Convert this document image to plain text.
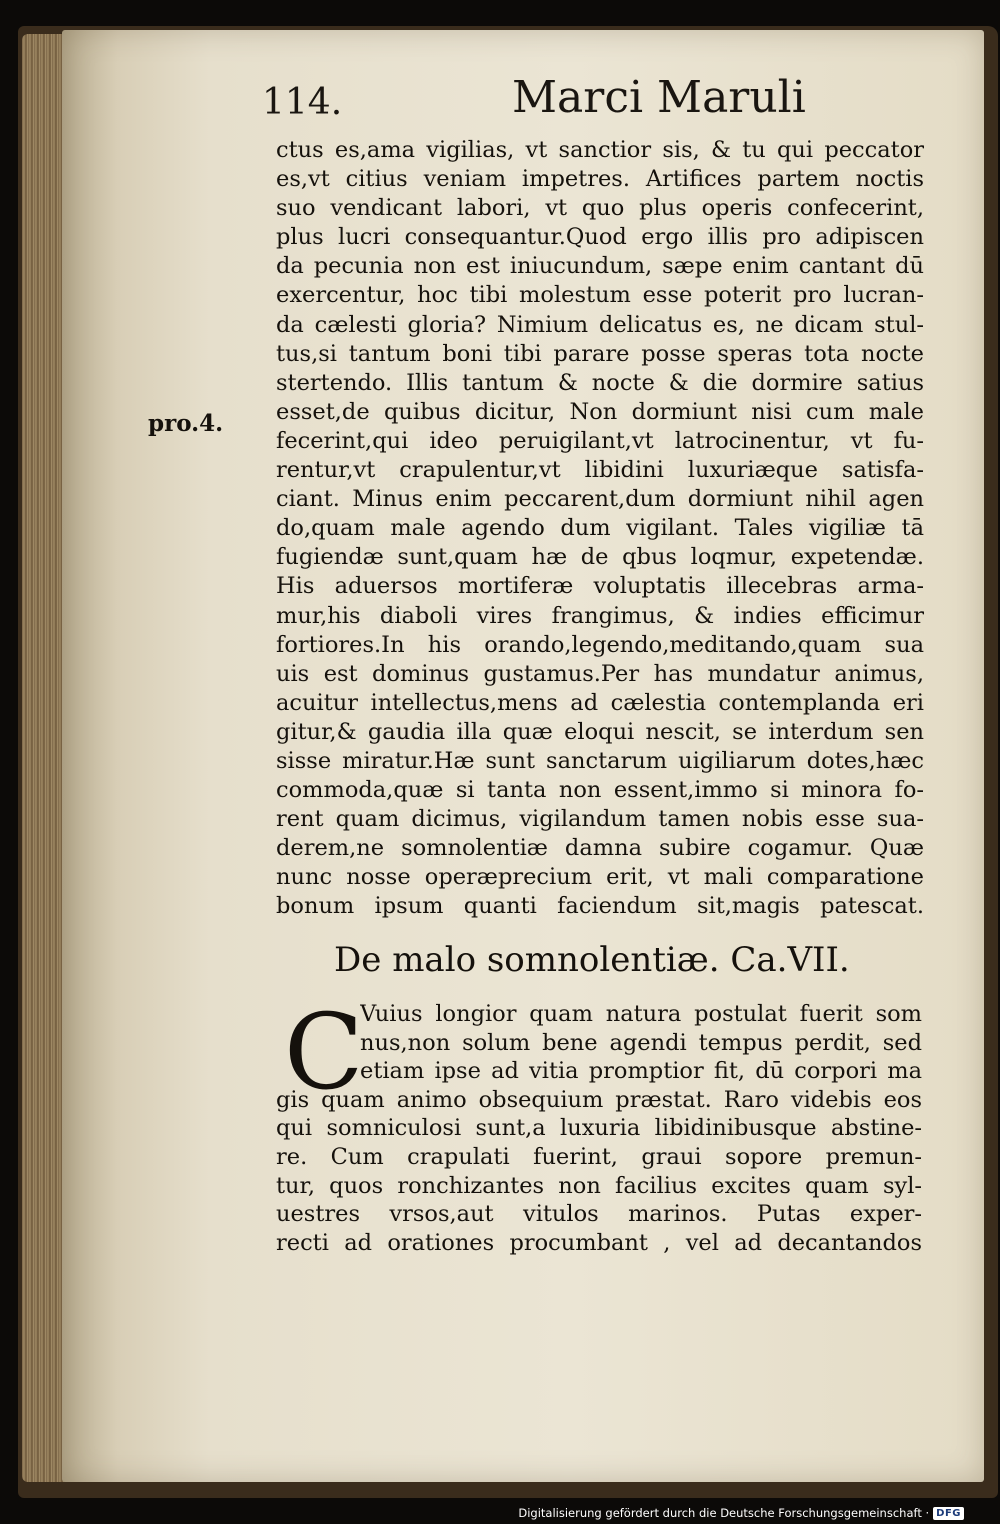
114.	Marci Maruli
pro.4.
ctus es,ama vigilias, vt sanctior sis, & tu qui peccator
es,vt citius veniam impetres. Artifices partem noctis
suo vendicant labori, vt quo plus operis confecerint,
plus lucri consequantur.Quod ergo illis pro adipiscen
da pecunia non est iniucundum, sæpe enim cantant dū
exercentur, hoc tibi molestum esse poterit pro lucran-
da cælesti gloria? Nimium delicatus es, ne dicam stul-
tus,si tantum boni tibi parare posse speras tota nocte
stertendo. Illis tantum & nocte & die dormire satius
esset,de quibus dicitur, Non dormiunt nisi cum male
fecerint,qui ideo peruigilant,vt latrocinentur, vt fu-
rentur,vt crapulentur,vt libidini luxuriæque satisfa-
ciant. Minus enim peccarent,dum dormiunt nihil agen
do,quam male agendo dum vigilant. Tales vigiliæ tā
fugiendæ sunt,quam hæ de qbus loqmur, expetendæ.
His aduersos mortiferæ voluptatis illecebras arma-
mur,his diaboli vires frangimus, & indies efficimur
fortiores.In his orando,legendo,meditando,quam sua
uis est dominus gustamus.Per has mundatur animus,
acuitur intellectus,mens ad cælestia contemplanda eri
gitur,& gaudia illa quæ eloqui nescit, se interdum sen
sisse miratur.Hæ sunt sanctarum uigiliarum dotes,hæc
commoda,quæ si tanta non essent,immo si minora fo-
rent quam dicimus, vigilandum tamen nobis esse sua-
derem,ne somnolentiæ damna subire cogamur. Quæ
nunc nosse operæprecium erit, vt mali comparatione
bonum ipsum quanti faciendum sit,magis patescat.
De malo somnolentiæ. Ca.VII.
C
Vuius longior quam natura postulat fuerit som
nus,non solum bene agendi tempus perdit, sed
etiam ipse ad vitia promptior fit, dū corpori ma
gis quam animo obsequium præstat. Raro videbis eos
qui somniculosi sunt,a luxuria libidinibusque abstine-
re. Cum crapulati fuerint, graui sopore premun-
tur, quos ronchizantes non facilius excites quam syl-
uestres vrsos,aut vitulos marinos. Putas exper-
recti ad orationes procumbant , vel ad decantandos
Digitalisierung gefördert durch die Deutsche Forschungsgemeinschaft · DFG
